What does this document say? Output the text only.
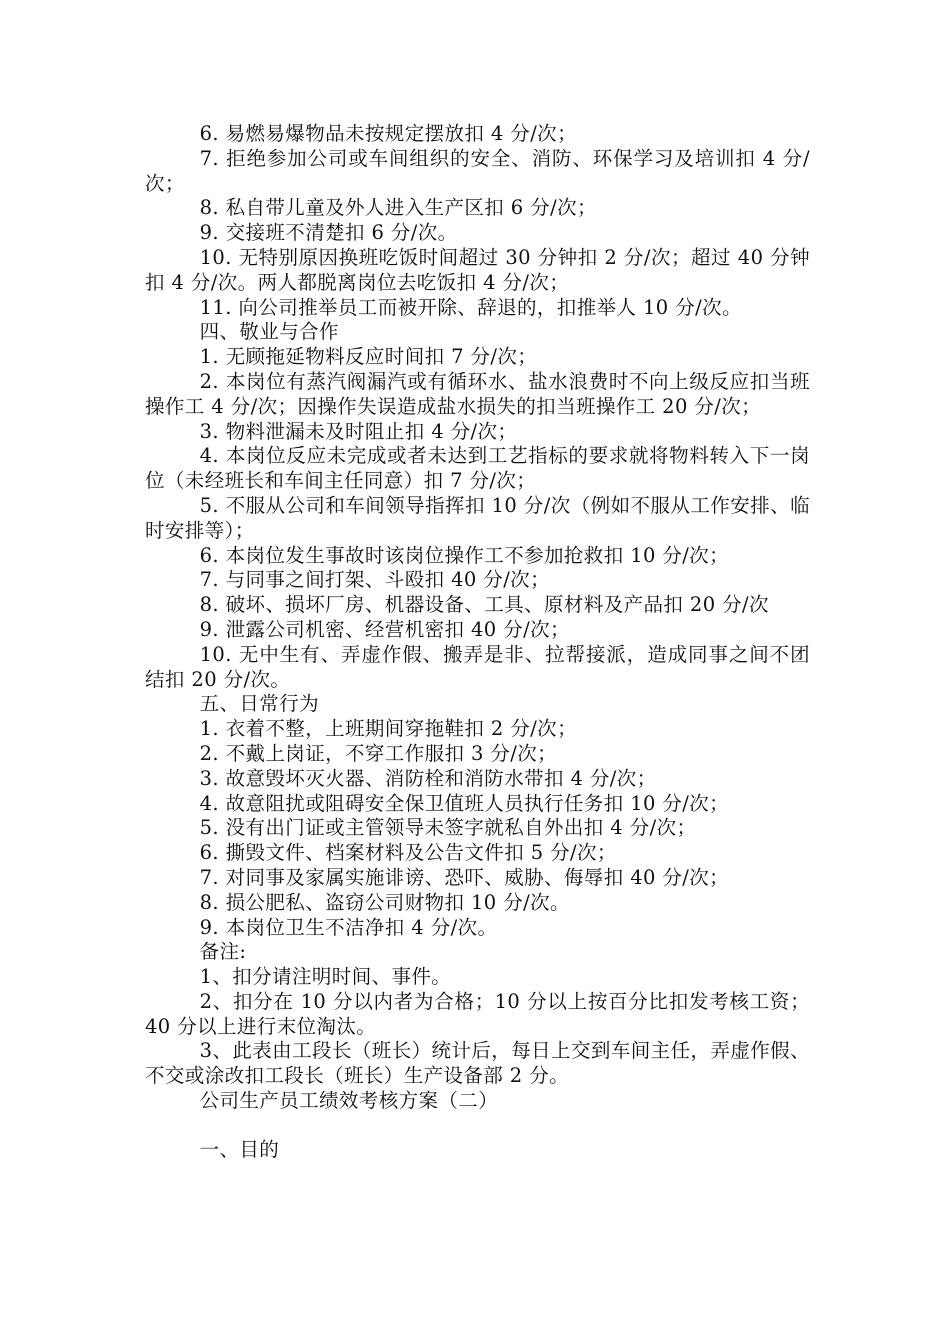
6. 易燃易爆物品未按规定摆放扣 4 分/次；

7. 拒绝参加公司或车间组织的安全、消防、环保学习及培训扣 4 分/次；

8. 私自带儿童及外人进入生产区扣 6 分/次；

9. 交接班不清楚扣 6 分/次。

10. 无特别原因换班吃饭时间超过 30 分钟扣 2 分/次；超过 40 分钟扣 4 分/次。两人都脱离岗位去吃饭扣 4 分/次；

11. 向公司推举员工而被开除、辞退的，扣推举人 10 分/次。

四、敬业与合作

1. 无顾拖延物料反应时间扣 7 分/次；

2. 本岗位有蒸汽阀漏汽或有循环水、盐水浪费时不向上级反应扣当班操作工 4 分/次；因操作失误造成盐水损失的扣当班操作工 20 分/次；

3. 物料泄漏未及时阻止扣 4 分/次；

4. 本岗位反应未完成或者未达到工艺指标的要求就将物料转入下一岗位（未经班长和车间主任同意）扣 7 分/次；

5. 不服从公司和车间领导指挥扣 10 分/次（例如不服从工作安排、临时安排等）；

6. 本岗位发生事故时该岗位操作工不参加抢救扣 10 分/次；

7. 与同事之间打架、斗殴扣 40 分/次；

8. 破坏、损坏厂房、机器设备、工具、原材料及产品扣 20 分/次

9. 泄露公司机密、经营机密扣 40 分/次；

10. 无中生有、弄虚作假、搬弄是非、拉帮接派，造成同事之间不团结扣 20 分/次。

五、日常行为

1. 衣着不整，上班期间穿拖鞋扣 2 分/次；

2. 不戴上岗证，不穿工作服扣 3 分/次；

3. 故意毁坏灭火器、消防栓和消防水带扣 4 分/次；

4. 故意阻扰或阻碍安全保卫值班人员执行任务扣 10 分/次；

5. 没有出门证或主管领导未签字就私自外出扣 4 分/次；

6. 撕毁文件、档案材料及公告文件扣 5 分/次；

7. 对同事及家属实施诽谤、恐吓、威胁、侮辱扣 40 分/次；

8. 损公肥私、盗窃公司财物扣 10 分/次。

9. 本岗位卫生不洁净扣 4 分/次。

备注:

1、扣分请注明时间、事件。

2、扣分在 10 分以内者为合格；10 分以上按百分比扣发考核工资；40 分以上进行末位淘汰。

3、此表由工段长（班长）统计后，每日上交到车间主任，弄虚作假、不交或涂改扣工段长（班长）生产设备部 2 分。

公司生产员工绩效考核方案（二）

一、目的
